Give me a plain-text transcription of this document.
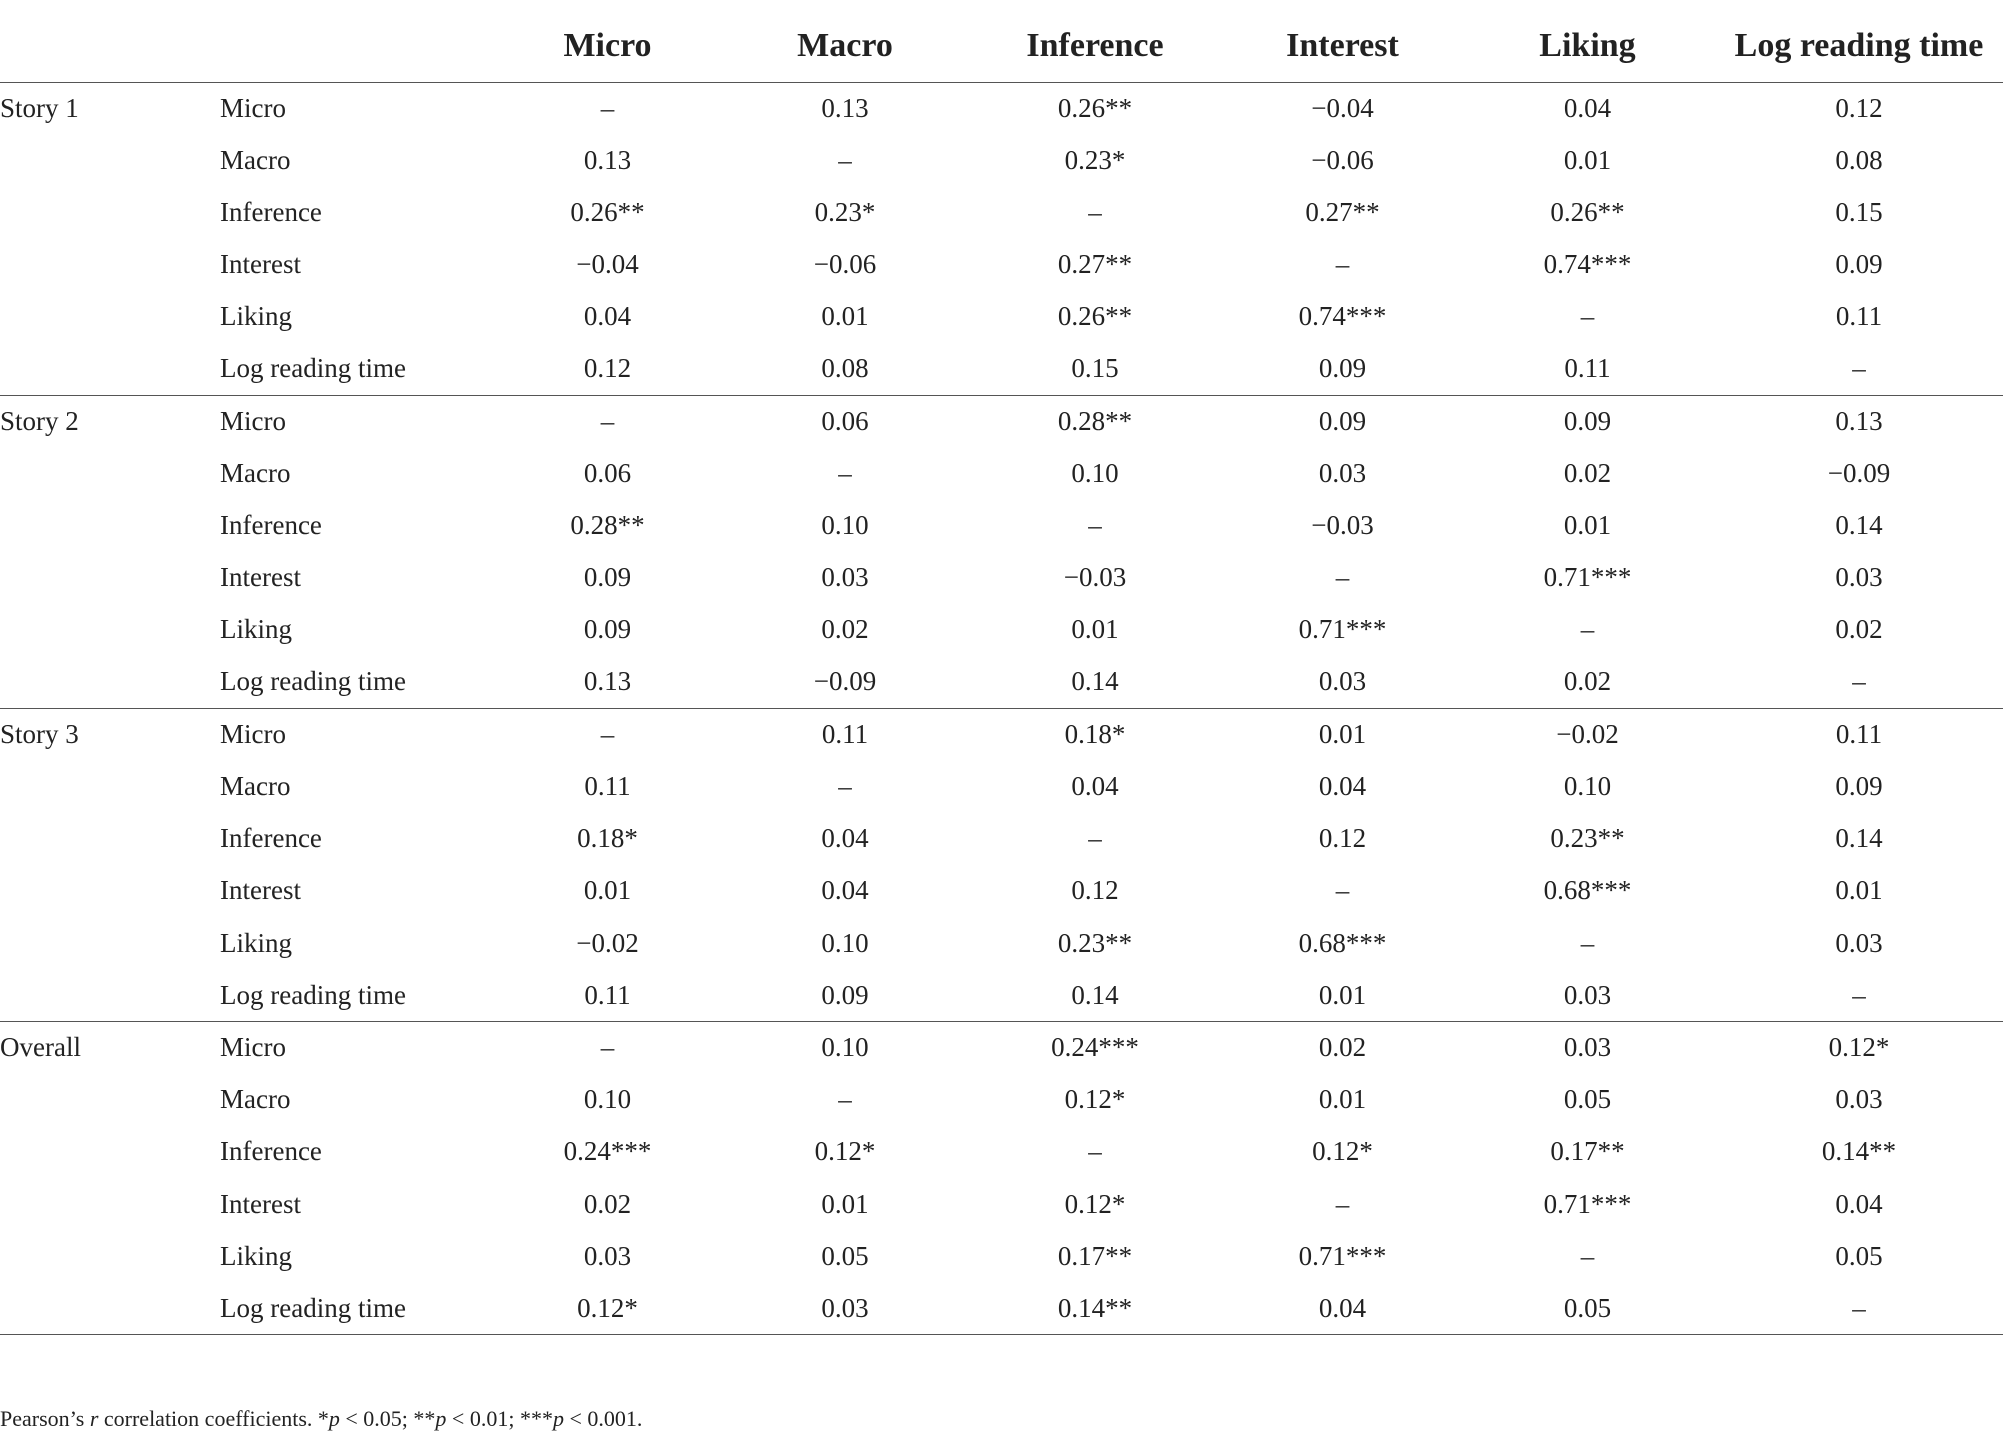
		Micro	Macro	Inference	Interest	Liking	Log reading time
Story 1	Micro	–	0.13	0.26**	−0.04	0.04	0.12
	Macro	0.13	–	0.23*	−0.06	0.01	0.08
	Inference	0.26**	0.23*	–	0.27**	0.26**	0.15
	Interest	−0.04	−0.06	0.27**	–	0.74***	0.09
	Liking	0.04	0.01	0.26**	0.74***	–	0.11
	Log reading time	0.12	0.08	0.15	0.09	0.11	–
Story 2	Micro	–	0.06	0.28**	0.09	0.09	0.13
	Macro	0.06	–	0.10	0.03	0.02	−0.09
	Inference	0.28**	0.10	–	−0.03	0.01	0.14
	Interest	0.09	0.03	−0.03	–	0.71***	0.03
	Liking	0.09	0.02	0.01	0.71***	–	0.02
	Log reading time	0.13	−0.09	0.14	0.03	0.02	–
Story 3	Micro	–	0.11	0.18*	0.01	−0.02	0.11
	Macro	0.11	–	0.04	0.04	0.10	0.09
	Inference	0.18*	0.04	–	0.12	0.23**	0.14
	Interest	0.01	0.04	0.12	–	0.68***	0.01
	Liking	−0.02	0.10	0.23**	0.68***	–	0.03
	Log reading time	0.11	0.09	0.14	0.01	0.03	–
Overall	Micro	–	0.10	0.24***	0.02	0.03	0.12*
	Macro	0.10	–	0.12*	0.01	0.05	0.03
	Inference	0.24***	0.12*	–	0.12*	0.17**	0.14**
	Interest	0.02	0.01	0.12*	–	0.71***	0.04
	Liking	0.03	0.05	0.17**	0.71***	–	0.05
	Log reading time	0.12*	0.03	0.14**	0.04	0.05	–
Pearson’s r correlation coefficients. *p < 0.05; **p < 0.01; ***p < 0.001.
